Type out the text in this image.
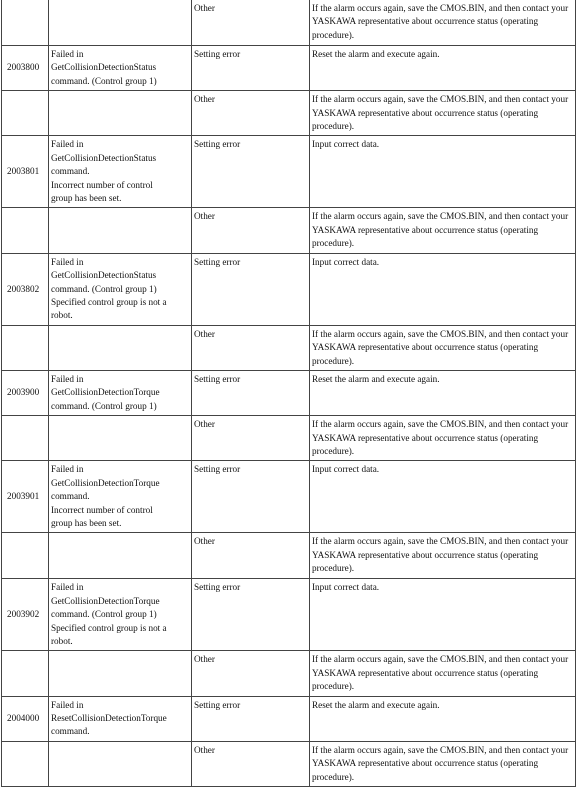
		Other	If the alarm occurs again, save the CMOS.BIN, and then contact your YASKAWA representative about occurrence status (operating procedure).
2003800	Failed in
GetCollisionDetectionStatus
command. (Control group 1)	Setting error	Reset the alarm and execute again.
		Other	If the alarm occurs again, save the CMOS.BIN, and then contact your YASKAWA representative about occurrence status (operating procedure).
2003801	Failed in
GetCollisionDetectionStatus
command.
Incorrect number of control
group has been set.	Setting error	Input correct data.
		Other	If the alarm occurs again, save the CMOS.BIN, and then contact your YASKAWA representative about occurrence status (operating procedure).
2003802	Failed in
GetCollisionDetectionStatus
command. (Control group 1)
Specified control group is not a
robot.	Setting error	Input correct data.
		Other	If the alarm occurs again, save the CMOS.BIN, and then contact your YASKAWA representative about occurrence status (operating procedure).
2003900	Failed in
GetCollisionDetectionTorque
command. (Control group 1)	Setting error	Reset the alarm and execute again.
		Other	If the alarm occurs again, save the CMOS.BIN, and then contact your YASKAWA representative about occurrence status (operating procedure).
2003901	Failed in
GetCollisionDetectionTorque
command.
Incorrect number of control
group has been set.	Setting error	Input correct data.
		Other	If the alarm occurs again, save the CMOS.BIN, and then contact your YASKAWA representative about occurrence status (operating procedure).
2003902	Failed in
GetCollisionDetectionTorque
command. (Control group 1)
Specified control group is not a
robot.	Setting error	Input correct data.
		Other	If the alarm occurs again, save the CMOS.BIN, and then contact your YASKAWA representative about occurrence status (operating procedure).
2004000	Failed in
ResetCollisionDetectionTorque
command.	Setting error	Reset the alarm and execute again.
		Other	If the alarm occurs again, save the CMOS.BIN, and then contact your YASKAWA representative about occurrence status (operating procedure).
